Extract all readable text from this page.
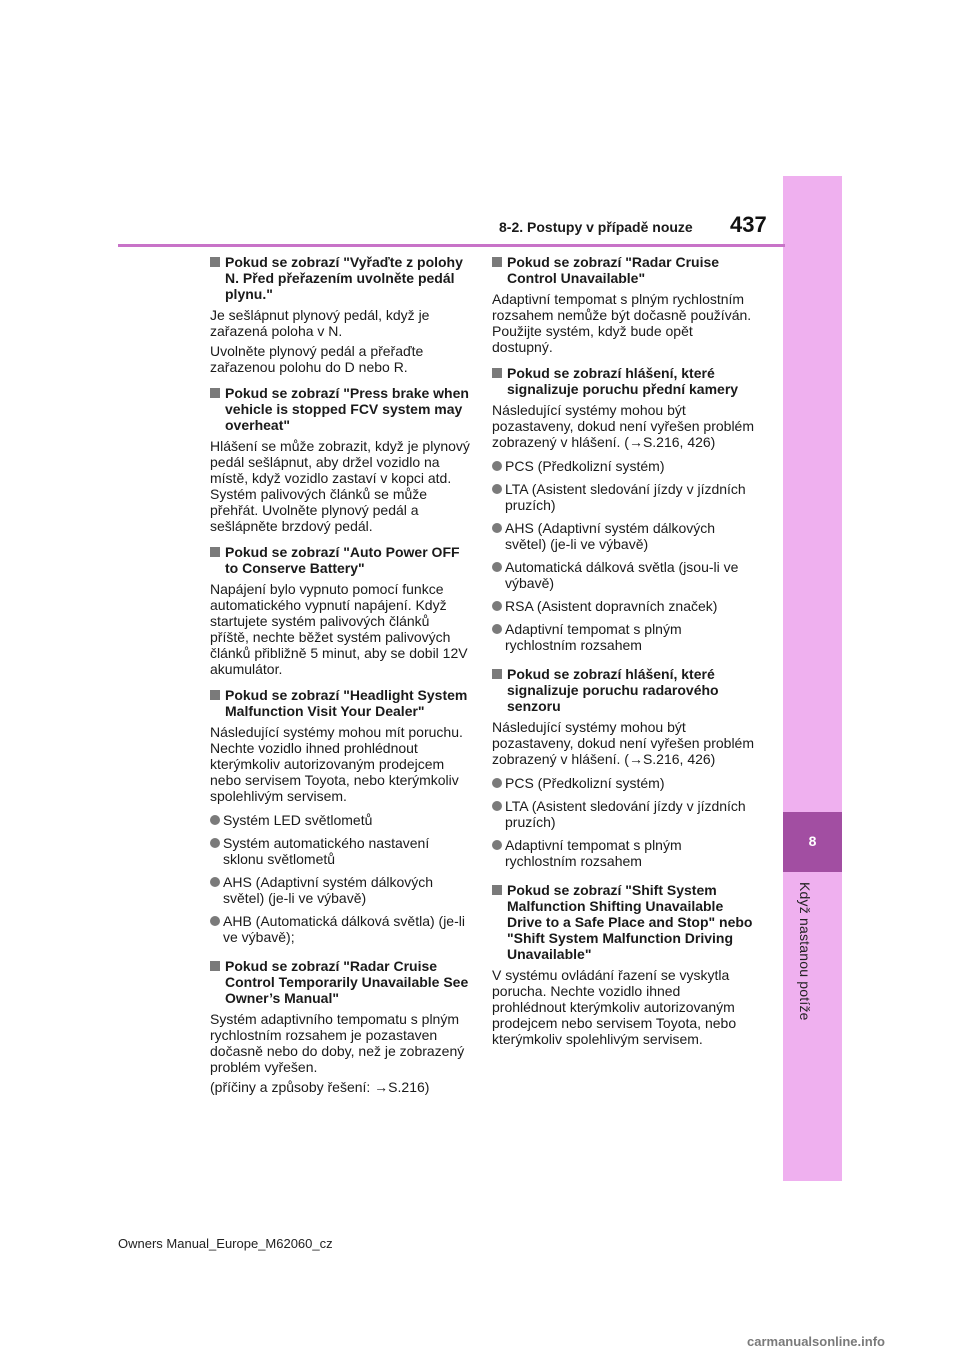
8
Když nastanou potíže
8-2. Postupy v případě nouze 437
Pokud se zobrazí "Vyřaďte z polohy N. Před přeřazením uvolněte pedál plynu."
Je sešlápnut plynový pedál, když je zařazená poloha v N.
Uvolněte plynový pedál a přeřaďte zařazenou polohu do D nebo R.
Pokud se zobrazí "Press brake when vehicle is stopped FCV system may overheat"
Hlášení se může zobrazit, když je plynový pedál sešlápnut, aby držel vozidlo na místě, když vozidlo zastaví v kopci atd. Systém palivových článků se může přehřát. Uvolněte plynový pedál a sešlápněte brzdový pedál.
Pokud se zobrazí "Auto Power OFF to Conserve Battery"
Napájení bylo vypnuto pomocí funkce automatického vypnutí napájení. Když startujete systém palivových článků příště, nechte běžet systém palivových článků přibližně 5 minut, aby se dobil 12V akumulátor.
Pokud se zobrazí "Headlight System Malfunction Visit Your Dealer"
Následující systémy mohou mít poruchu. Nechte vozidlo ihned prohlédnout kterýmkoliv autorizovaným prodejcem nebo servisem Toyota, nebo kterýmkoliv spolehlivým servisem.
Systém LED světlometů
Systém automatického nastavení sklonu světlometů
AHS (Adaptivní systém dálkových světel) (je-li ve výbavě)
AHB (Automatická dálková světla) (je-li ve výbavě);
Pokud se zobrazí "Radar Cruise Control Temporarily Unavailable See Owner’s Manual"
Systém adaptivního tempomatu s plným rychlostním rozsahem je pozastaven dočasně nebo do doby, než je zobrazený problém vyřešen.
(příčiny a způsoby řešení: →S.216)
Pokud se zobrazí "Radar Cruise Control Unavailable"
Adaptivní tempomat s plným rychlostním rozsahem nemůže být dočasně používán. Použijte systém, když bude opět dostupný.
Pokud se zobrazí hlášení, které signalizuje poruchu přední kamery
Následující systémy mohou být pozastaveny, dokud není vyřešen problém zobrazený v hlášení. (→S.216, 426)
PCS (Předkolizní systém)
LTA (Asistent sledování jízdy v jízdních pruzích)
AHS (Adaptivní systém dálkových světel) (je-li ve výbavě)
Automatická dálková světla (jsou-li ve výbavě)
RSA (Asistent dopravních značek)
Adaptivní tempomat s plným rychlostním rozsahem
Pokud se zobrazí hlášení, které signalizuje poruchu radarového senzoru
Následující systémy mohou být pozastaveny, dokud není vyřešen problém zobrazený v hlášení. (→S.216, 426)
PCS (Předkolizní systém)
LTA (Asistent sledování jízdy v jízdních pruzích)
Adaptivní tempomat s plným rychlostním rozsahem
Pokud se zobrazí "Shift System Malfunction Shifting Unavailable Drive to a Safe Place and Stop" nebo "Shift System Malfunction Driving Unavailable"
V systému ovládání řazení se vyskytla porucha. Nechte vozidlo ihned prohlédnout kterýmkoliv autorizovaným prodejcem nebo servisem Toyota, nebo kterýmkoliv spolehlivým servisem.
Owners Manual_Europe_M62060_cz
carmanualsonline.info
